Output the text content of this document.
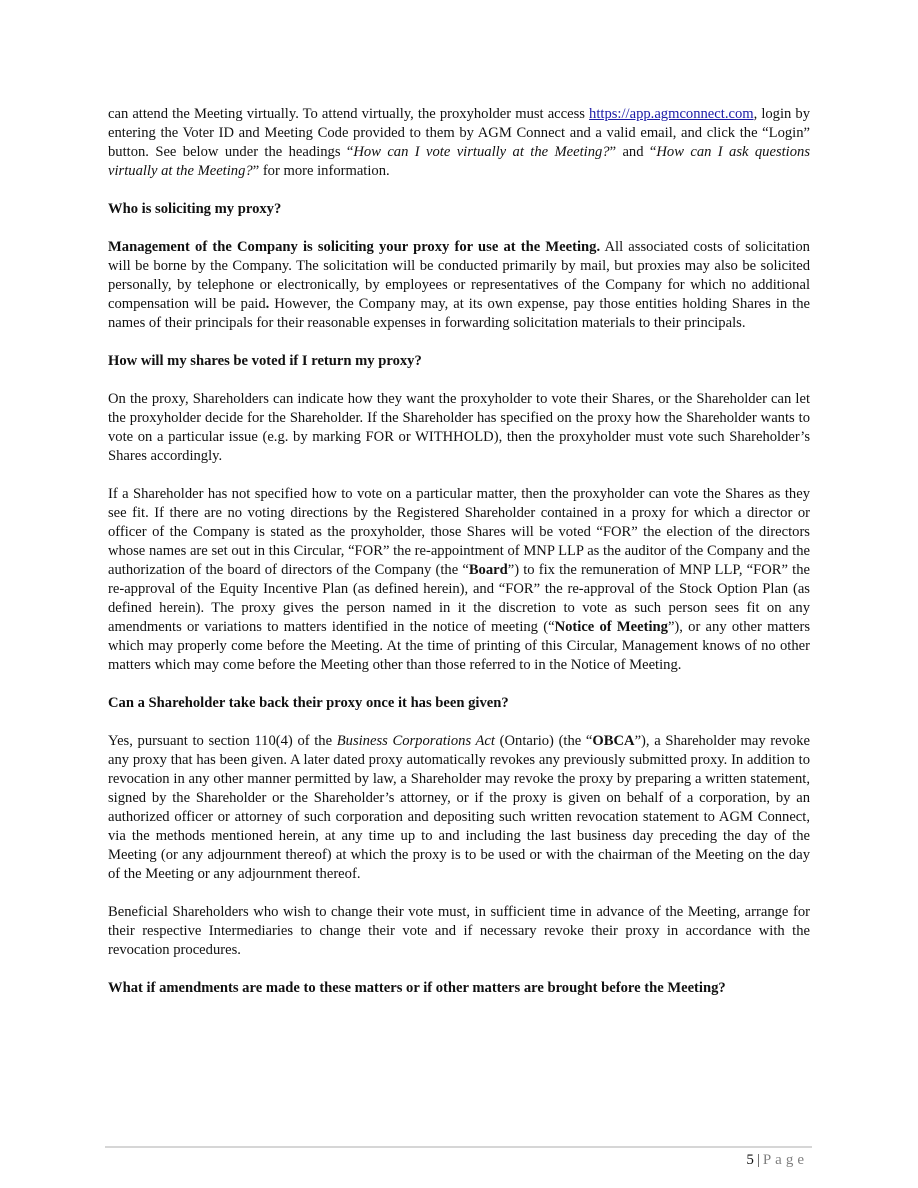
can attend the Meeting virtually. To attend virtually, the proxyholder must access https://app.agmconnect.com, login by entering the Voter ID and Meeting Code provided to them by AGM Connect and a valid email, and click the “Login” button. See below under the headings “How can I vote virtually at the Meeting?” and “How can I ask questions virtually at the Meeting?” for more information.

Who is soliciting my proxy?

Management of the Company is soliciting your proxy for use at the Meeting. All associated costs of solicitation will be borne by the Company. The solicitation will be conducted primarily by mail, but proxies may also be solicited personally, by telephone or electronically, by employees or representatives of the Company for which no additional compensation will be paid. However, the Company may, at its own expense, pay those entities holding Shares in the names of their principals for their reasonable expenses in forwarding solicitation materials to their principals.

How will my shares be voted if I return my proxy?

On the proxy, Shareholders can indicate how they want the proxyholder to vote their Shares, or the Shareholder can let the proxyholder decide for the Shareholder. If the Shareholder has specified on the proxy how the Shareholder wants to vote on a particular issue (e.g. by marking FOR or WITHHOLD), then the proxyholder must vote such Shareholder’s Shares accordingly.

If a Shareholder has not specified how to vote on a particular matter, then the proxyholder can vote the Shares as they see fit. If there are no voting directions by the Registered Shareholder contained in a proxy for which a director or officer of the Company is stated as the proxyholder, those Shares will be voted “FOR” the election of the directors whose names are set out in this Circular, “FOR” the re-appointment of MNP LLP as the auditor of the Company and the authorization of the board of directors of the Company (the “Board”) to fix the remuneration of MNP LLP, “FOR” the re-approval of the Equity Incentive Plan (as defined herein), and “FOR” the re-approval of the Stock Option Plan (as defined herein). The proxy gives the person named in it the discretion to vote as such person sees fit on any amendments or variations to matters identified in the notice of meeting (“Notice of Meeting”), or any other matters which may properly come before the Meeting. At the time of printing of this Circular, Management knows of no other matters which may come before the Meeting other than those referred to in the Notice of Meeting.

Can a Shareholder take back their proxy once it has been given?

Yes, pursuant to section 110(4) of the Business Corporations Act (Ontario) (the “OBCA”), a Shareholder may revoke any proxy that has been given. A later dated proxy automatically revokes any previously submitted proxy. In addition to revocation in any other manner permitted by law, a Shareholder may revoke the proxy by preparing a written statement, signed by the Shareholder or the Shareholder’s attorney, or if the proxy is given on behalf of a corporation, by an authorized officer or attorney of such corporation and depositing such written revocation statement to AGM Connect, via the methods mentioned herein, at any time up to and including the last business day preceding the day of the Meeting (or any adjournment thereof) at which the proxy is to be used or with the chairman of the Meeting on the day of the Meeting or any adjournment thereof.

Beneficial Shareholders who wish to change their vote must, in sufficient time in advance of the Meeting, arrange for their respective Intermediaries to change their vote and if necessary revoke their proxy in accordance with the revocation procedures.

What if amendments are made to these matters or if other matters are brought before the Meeting?

5 | Page
